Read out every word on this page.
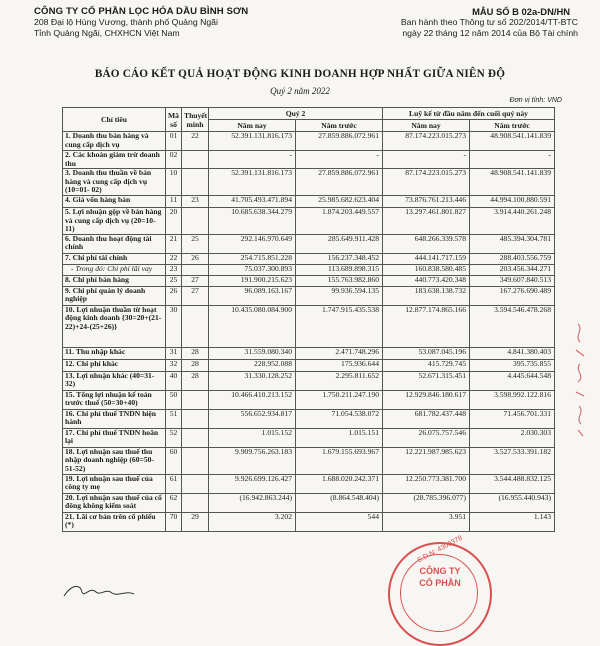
CÔNG TY CỔ PHẦN LỌC HÓA DẦU BÌNH SƠN
208 Đại lộ Hùng Vương, thành phố Quảng Ngãi
Tỉnh Quảng Ngãi, CHXHCN Việt Nam
MẪU SỐ B 02a-DN/HN
Ban hành theo Thông tư số 202/2014/TT-BTC
ngày 22 tháng 12 năm 2014 của Bộ Tài chính
BÁO CÁO KẾT QUẢ HOẠT ĐỘNG KINH DOANH HỢP NHẤT GIỮA NIÊN ĐỘ
Quý 2 năm 2022
Đơn vị tính: VND
Chỉ tiêu	Mã số	Thuyết minh	Quý 2		Luỹ kế từ đầu năm đến cuối quý này	
			Năm nay	Năm trước	Năm nay	Năm trước
1. Doanh thu bán hàng và cung cấp dịch vụ	01	22	52.391.131.816.173	27.859.886.072.961	87.174.223.015.273	48.908.541.141.839
2. Các khoản giảm trừ doanh thu	02		-	-	-	-
3. Doanh thu thuần về bán hàng và cung cấp dịch vụ (10=01- 02)	10		52.391.131.816.173	27.859.886.072.961	87.174.223.015.273	48.908.541.141.839
4. Giá vốn hàng bán	11	23	41.705.493.471.894	25.985.682.623.404	73.876.761.213.446	44.994.100.880.591
5. Lợi nhuận gộp về bán hàng và cung cấp dịch vụ (20=10-11)	20		10.685.638.344.279	1.874.203.449.557	13.297.461.801.827	3.914.440.261.248
6. Doanh thu hoạt động tài chính	21	25	292.146.970.649	285.649.911.428	648.266.339.578	485.394.304.781
7. Chi phí tài chính	22	26	254.715.851.228	156.237.348.452	444.141.717.159	288.403.556.759
- Trong đó: Chi phí lãi vay	23		75.037.300.893	113.689.898.315	160.838.580.485	203.456.344.271
8. Chi phí bán hàng	25	27	191.900.215.623	155.763.982.860	440.773.420.348	349.607.840.513
9. Chi phí quản lý doanh nghiệp	26	27	96.089.163.167	99.936.594.135	183.638.138.732	167.276.690.489
10. Lợi nhuận thuần từ hoạt động kinh doanh {30=20+(21-22)+24-(25+26)}	30		10.435.080.084.900	1.747.915.435.538	12.877.174.865.166	3.594.546.478.268
11. Thu nhập khác	31	28	31.559.080.340	2.471.748.296	53.087.045.196	4.841.380.403
12. Chi phí khác	32	28	228.952.088	175.936.644	415.729.745	395.735.855
13. Lợi nhuận khác (40=31-32)	40	28	31.330.128.252	2.295.811.652	52.671.315.451	4.445.644.548
15. Tổng lợi nhuận kế toán trước thuế (50=30+40)	50		10.466.410.213.152	1.750.211.247.190	12.929.846.180.617	3.598.992.122.816
16. Chi phí thuế TNDN hiện hành	51		556.652.934.817	71.054.538.072	681.782.437.448	71.456.701.331
17. Chi phí thuế TNDN hoãn lại	52		1.015.152	1.015.151	26.075.757.546	2.030.303
18. Lợi nhuận sau thuế thu nhập doanh nghiệp (60=50-51-52)	60		9.909.756.263.183	1.679.155.693.967	12.221.987.985.623	3.527.533.391.182
19. Lợi nhuận sau thuế của công ty mẹ	61		9.926.699.126.427	1.688.020.242.371	12.250.773.381.700	3.544.488.832.125
20. Lợi nhuận sau thuế của cổ đông không kiểm soát	62		(16.942.863.244)	(8.864.548.404)	(28.785.396.077)	(16.955.440.943)
21. Lãi cơ bản trên cổ phiếu (*)	70	29	3.202	544	3.951	1.143
S.D.N: 4300378
CÔNG TY
CỔ PHẦN
